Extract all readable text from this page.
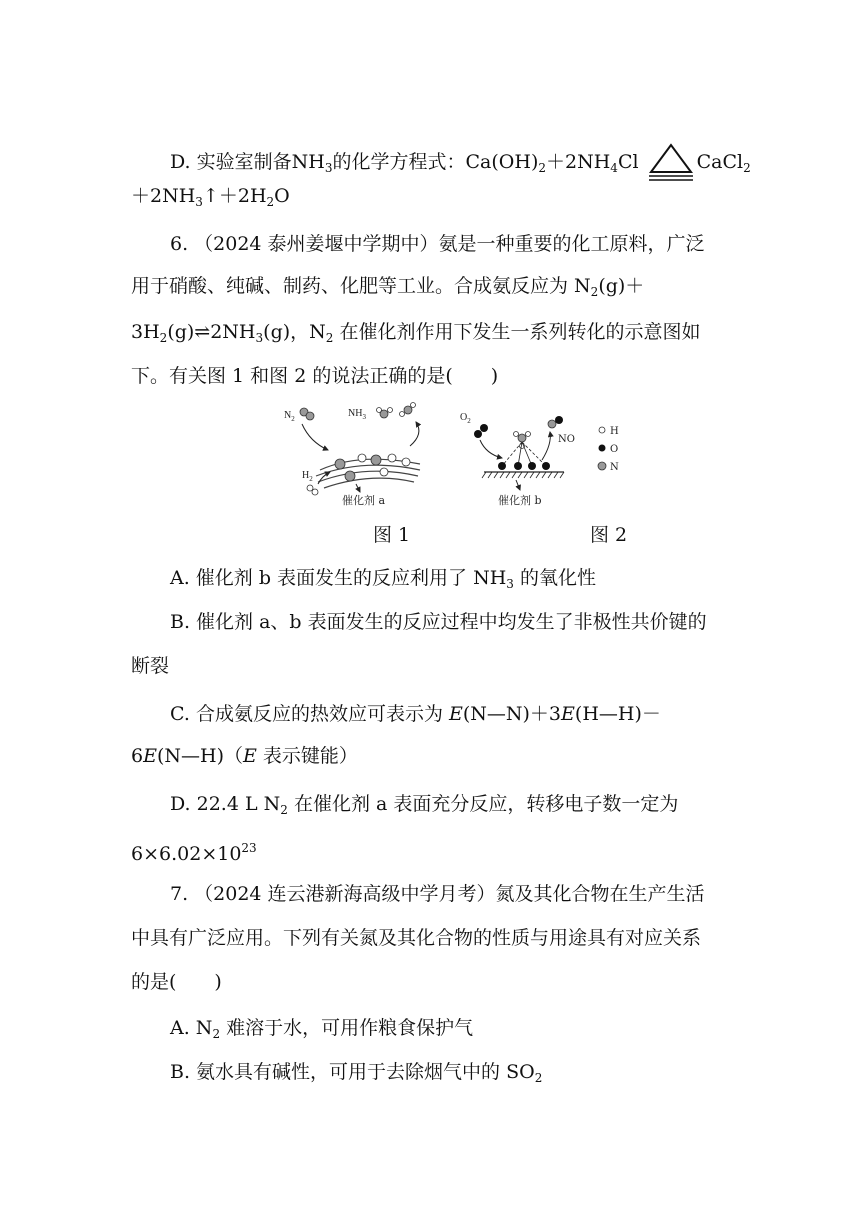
D. 实验室制备$NH_3$的化学方程式：$Ca(OH)_2+2NH_4Cl$	CaCl$_2$
$+2NH_3↑+2H_2O$
6. （2024 泰州姜堰中学期中）氨是一种重要的化工原料，广泛
用于硝酸、纯碱、制药、化肥等工业。合成氨反应为 $N_2(g)+$
$3H_2(g)\rightleftharpoons 2NH_3(g)$，$N_2$ 在催化剂作用下发生一系列转化的示意图如
下。有关图 1 和图 2 的说法正确的是(　　)
$N_2$	$NH_3$
$H_2$
催化剂 a
$O_2$
NO
催化剂 b
H
O
N
图 1	图 2
A. 催化剂 b 表面发生的反应利用了 $NH_3$ 的氧化性
B. 催化剂 a、b 表面发生的反应过程中均发生了非极性共价键的
断裂
C. 合成氨反应的热效应可表示为 E(N—N)＋3E(H—H)－
6E(N—H)（E 表示键能）
D. 22.4 L $N_2$ 在催化剂 a 表面充分反应，转移电子数一定为
$6\times 6.02\times 10^{23}$
7. （2024 连云港新海高级中学月考）氮及其化合物在生产生活
中具有广泛应用。下列有关氮及其化合物的性质与用途具有对应关系
的是(　　)
A. $N_2$ 难溶于水，可用作粮食保护气
B. 氨水具有碱性，可用于去除烟气中的 $SO_2$
